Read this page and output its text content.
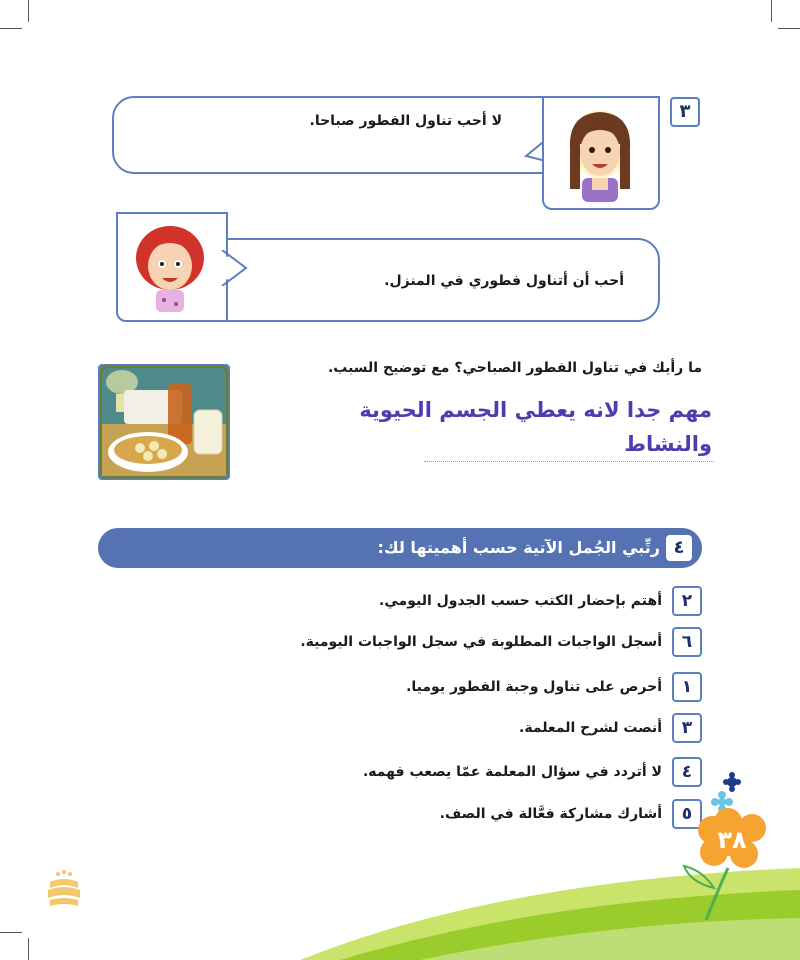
٣
لا أحب تناول الفطور صباحا.
أحب أن أتناول فطوري في المنزل.
ما رأيك في تناول الفطور الصباحي؟ مع توضيح السبب.
مهم جدا لانه يعطي الجسم الحيوية
والنشاط
٤
رتِّبي الجُمل الآتية حسب أهميتها لك:
٢
أهتم بإحضار الكتب حسب الجدول اليومي.
٦
أسجل الواجبات المطلوبة في سجل الواجبات اليومية.
١
أحرص على تناول وجبة الفطور يوميا.
٣
أنصت لشرح المعلمة.
٤
لا أتردد في سؤال المعلمة عمّا يصعب فهمه.
٥
أشارك مشاركة فعَّالة في الصف.
٣٨
